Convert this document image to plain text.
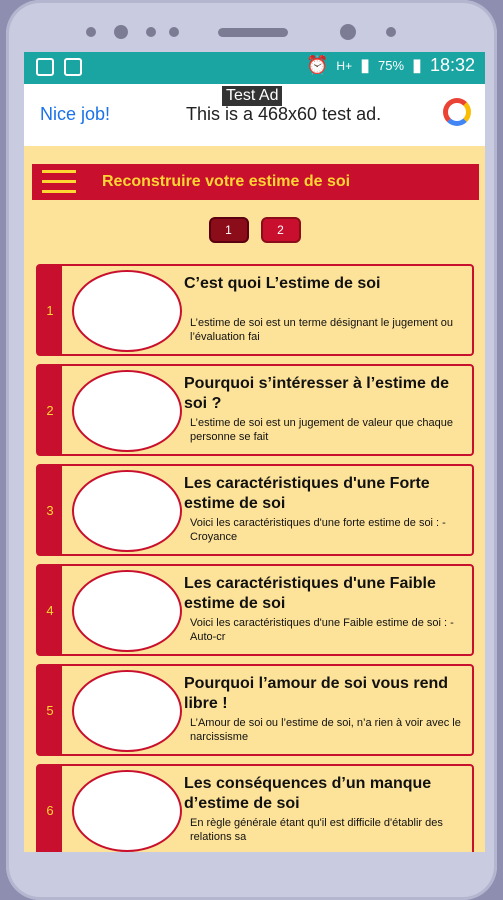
⏰ H+ ▮ 75% ▮ 18:32
Test Ad
Nice job!	This is a 468x60 test ad.
Reconstruire votre estime de soi
1	2
1
C’est quoi L’estime de soi
L’estime de soi est un terme désignant le jugement ou l’évaluation fai
2
Pourquoi s’intéresser à l’estime de soi ?
L’estime de soi est un jugement de valeur que chaque personne se fait
3
Les caractéristiques d'une Forte estime de soi
Voici les caractéristiques d'une forte estime de soi : - Croyance
4
Les caractéristiques d'une Faible estime de soi
Voici les caractéristiques d'une Faible estime de soi : - Auto-cr
5
Pourquoi l’amour de soi vous rend libre !
L’Amour de soi ou l’estime de soi, n’a rien à voir avec le narcissisme
6
Les conséquences d’un manque d’estime de soi
En règle générale étant qu'il est difficile d'établir des relations sa
